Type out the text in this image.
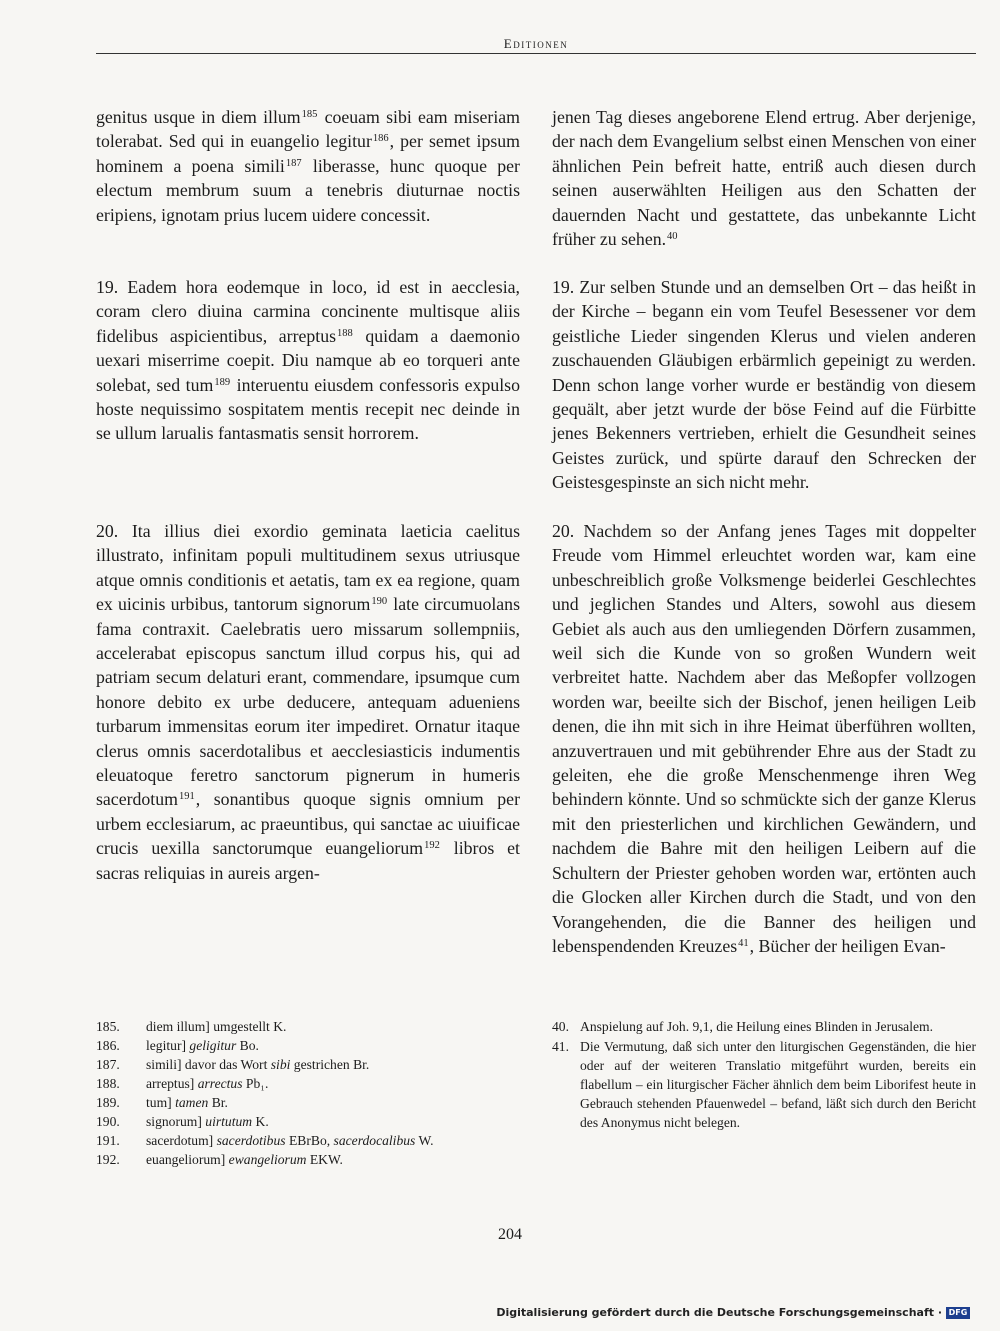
Editionen

genitus usque in diem illum$^{185}$ coeuam sibi eam miseriam tolerabat. Sed qui in euangelio legitur$^{186}$, per semet ipsum hominem a poena simili$^{187}$ liberasse, hunc quoque per electum membrum suum a tenebris diuturnae noctis eripiens, ignotam prius lucem uidere concessit.

19. Eadem hora eodemque in loco, id est in aecclesia, coram clero diuina carmina concinente multisque aliis fidelibus aspicientibus, arreptus$^{188}$ quidam a daemonio uexari miserrime coepit. Diu namque ab eo torqueri ante solebat, sed tum$^{189}$ interuentu eiusdem confessoris expulso hoste nequissimo sospitatem mentis recepit nec deinde in se ullum larualis fantasmatis sensit horrorem.

20. Ita illius diei exordio geminata laeticia caelitus illustrato, infinitam populi multitudinem sexus utriusque atque omnis conditionis et aetatis, tam ex ea regione, quam ex uicinis urbibus, tantorum signorum$^{190}$ late circumuolans fama contraxit. Caelebratis uero missarum sollempniis, accelerabat episcopus sanctum illud corpus his, qui ad patriam secum delaturi erant, commendare, ipsumque cum honore debito ex urbe deducere, antequam adueniens turbarum immensitas eorum iter impediret. Ornatur itaque clerus omnis sacerdotalibus et aecclesiasticis indumentis eleuatoque feretro sanctorum pignerum in humeris sacerdotum$^{191}$, sonantibus quoque signis omnium per urbem ecclesiarum, ac praeuntibus, qui sanctae ac uiuificae crucis uexilla sanctorumque euangeliorum$^{192}$ libros et sacras reliquias in aureis argen-

jenen Tag dieses angeborene Elend ertrug. Aber derjenige, der nach dem Evangelium selbst einen Menschen von einer ähnlichen Pein befreit hatte, entriß auch diesen durch seinen auserwählten Heiligen aus den Schatten der dauernden Nacht und gestattete, das unbekannte Licht früher zu sehen.$^{40}$

19. Zur selben Stunde und an demselben Ort – das heißt in der Kirche – begann ein vom Teufel Besessener vor dem geistliche Lieder singenden Klerus und vielen anderen zuschauenden Gläubigen erbärmlich gepeinigt zu werden. Denn schon lange vorher wurde er beständig von diesem gequält, aber jetzt wurde der böse Feind auf die Fürbitte jenes Bekenners vertrieben, erhielt die Gesundheit seines Geistes zurück, und spürte darauf den Schrecken der Geistesgespinste an sich nicht mehr.

20. Nachdem so der Anfang jenes Tages mit doppelter Freude vom Himmel erleuchtet worden war, kam eine unbeschreiblich große Volksmenge beiderlei Geschlechtes und jeglichen Standes und Alters, sowohl aus diesem Gebiet als auch aus den umliegenden Dörfern zusammen, weil sich die Kunde von so großen Wundern weit verbreitet hatte. Nachdem aber das Meßopfer vollzogen worden war, beeilte sich der Bischof, jenen heiligen Leib denen, die ihn mit sich in ihre Heimat überführen wollten, anzuvertrauen und mit gebührender Ehre aus der Stadt zu geleiten, ehe die große Menschenmenge ihren Weg behindern könnte. Und so schmückte sich der ganze Klerus mit den priesterlichen und kirchlichen Gewändern, und nachdem die Bahre mit den heiligen Leibern auf die Schultern der Priester gehoben worden war, ertönten auch die Glocken aller Kirchen durch die Stadt, und von den Vorangehenden, die die Banner des heiligen und lebenspendenden Kreuzes$^{41}$, Bücher der heiligen Evan-

185.	diem illum] umgestellt K.
186.	legitur] geligitur Bo.
187.	simili] davor das Wort sibi gestrichen Br.
188.	arreptus] arrectus Pb₁.
189.	tum] tamen Br.
190.	signorum] uirtutum K.
191.	sacerdotum] sacerdotibus EBrBo, sacerdocalibus W.
192.	euangeliorum] ewangeliorum EKW.
40. Anspielung auf Joh. 9,1, die Heilung eines Blinden in Jerusalem.
41. Die Vermutung, daß sich unter den liturgischen Gegenständen, die hier oder auf der weiteren Translatio mitgeführt wurden, bereits ein flabellum – ein liturgischer Fächer ähnlich dem beim Liborifest heute in Gebrauch stehenden Pfauenwedel – befand, läßt sich durch den Bericht des Anonymus nicht belegen.
204
Digitalisierung gefördert durch die Deutsche Forschungsgemeinschaft · DFG
